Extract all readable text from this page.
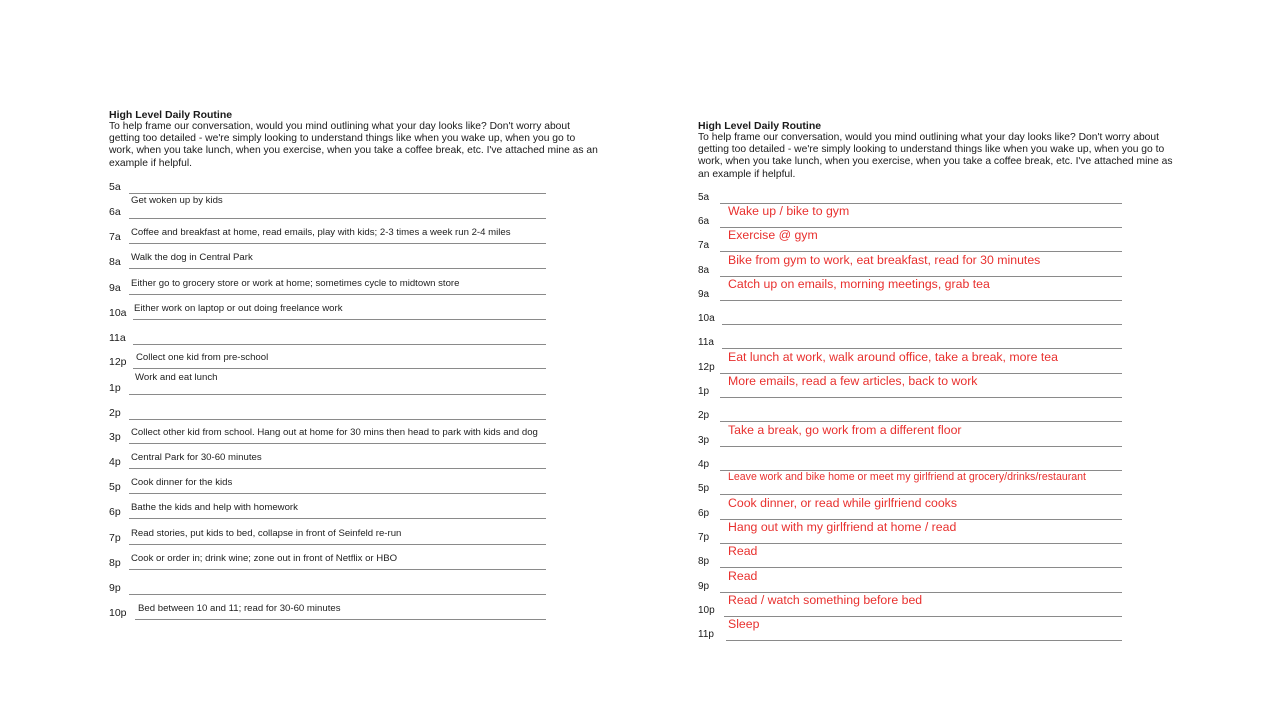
High Level Daily Routine

To help frame our conversation, would you mind outlining what your day looks like? Don't worry about getting too detailed - we're simply looking to understand things like when you wake up, when you go to work, when you take lunch, when you exercise, when you take a coffee break, etc. I've attached mine as an example if helpful.

5a
6a
Get woken up by kids
7a Coffee and breakfast at home, read emails, play with kids; 2-3 times a week run 2-4 miles
8a Walk the dog in Central Park
9a Either go to grocery store or work at home; sometimes cycle to midtown store
10a Either work on laptop or out doing freelance work
11a
12p Collect one kid from pre-school
1p
Work and eat lunch
2p
3p Collect other kid from school. Hang out at home for 30 mins then head to park with kids and dog
4p Central Park for 30-60 minutes
5p Cook dinner for the kids
6p Bathe the kids and help with homework
7p Read stories, put kids to bed, collapse in front of Seinfeld re-run
8p Cook or order in; drink wine; zone out in front of Netflix or HBO
9p
10p Bed between 10 and 11; read for 30-60 minutes
High Level Daily Routine

To help frame our conversation, would you mind outlining what your day looks like? Don't worry about getting too detailed - we're simply looking to understand things like when you wake up, when you go to work, when you take lunch, when you exercise, when you take a coffee break, etc. I've attached mine as an example if helpful.

5a
6a
Wake up / bike to gym
7a
Exercise @ gym
8a
Bike from gym to work, eat breakfast, read for 30 minutes
9a
Catch up on emails, morning meetings, grab tea
10a
11a
12p
Eat lunch at work, walk around office, take a break, more tea
1p
More emails, read a few articles, back to work
2p
3p
Take a break, go work from a different floor
4p
5p
Leave work and bike home or meet my girlfriend at grocery/drinks/restaurant
6p
Cook dinner, or read while girlfriend cooks
7p
Hang out with my girlfriend at home / read
8p
Read
9p
Read
10p
Read / watch something before bed
11p
Sleep
